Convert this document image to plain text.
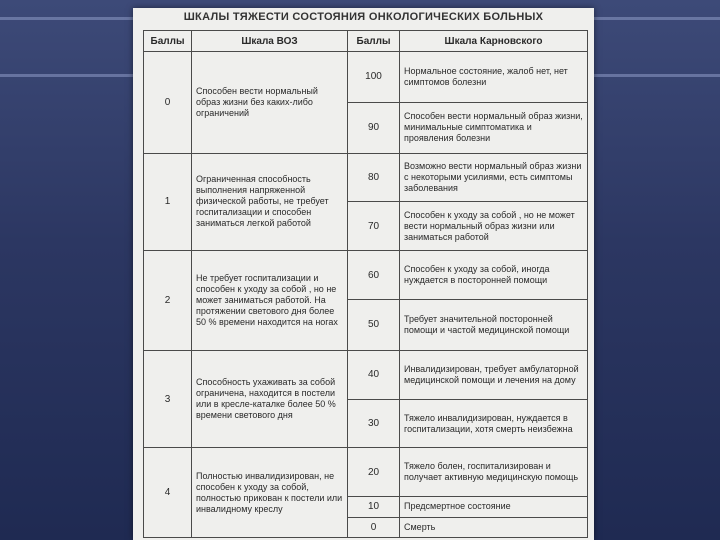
ШКАЛЫ ТЯЖЕСТИ СОСТОЯНИЯ ОНКОЛОГИЧЕСКИХ БОЛЬНЫХ
Баллы	Шкала ВОЗ	Баллы	Шкала Карновского
0	Способен вести нормальный образ жизни без каких-либо ограничений	100	Нормальное состояние, жалоб нет, нет симптомов болезни
		90	Способен вести нормальный образ жизни, минимальные симптоматика и проявления болезни
1	Ограниченная способность выполнения напряженной физической работы, не требует госпитализации и способен заниматься легкой работой	80	Возможно вести нормальный образ жизни с некоторыми усилиями, есть симптомы заболевания
		70	Способен к уходу за собой , но не может вести нормальный образ жизни или заниматься работой
2	Не требует госпитализации и способен к уходу за собой , но не может заниматься работой. На протяжении светового дня более 50 % времени находится на ногах	60	Способен к уходу за собой, иногда нуждается в посторонней помощи
		50	Требует значительной посторонней помощи и частой медицинской помощи
3	Способность ухаживать за собой ограничена, находится в постели или в кресле-каталке более 50 % времени светового дня	40	Инвалидизирован, требует амбулаторной медицинской помощи и лечения на дому
		30	Тяжело инвалидизирован, нуждается в госпитализации, хотя смерть неизбежна
4	Полностью инвалидизирован, не способен к уходу за собой, полностью прикован к постели или инвалидному креслу	20	Тяжело болен, госпитализирован и получает активную медицинскую помощь
		10	Предсмертное состояние
		0	Смерть
